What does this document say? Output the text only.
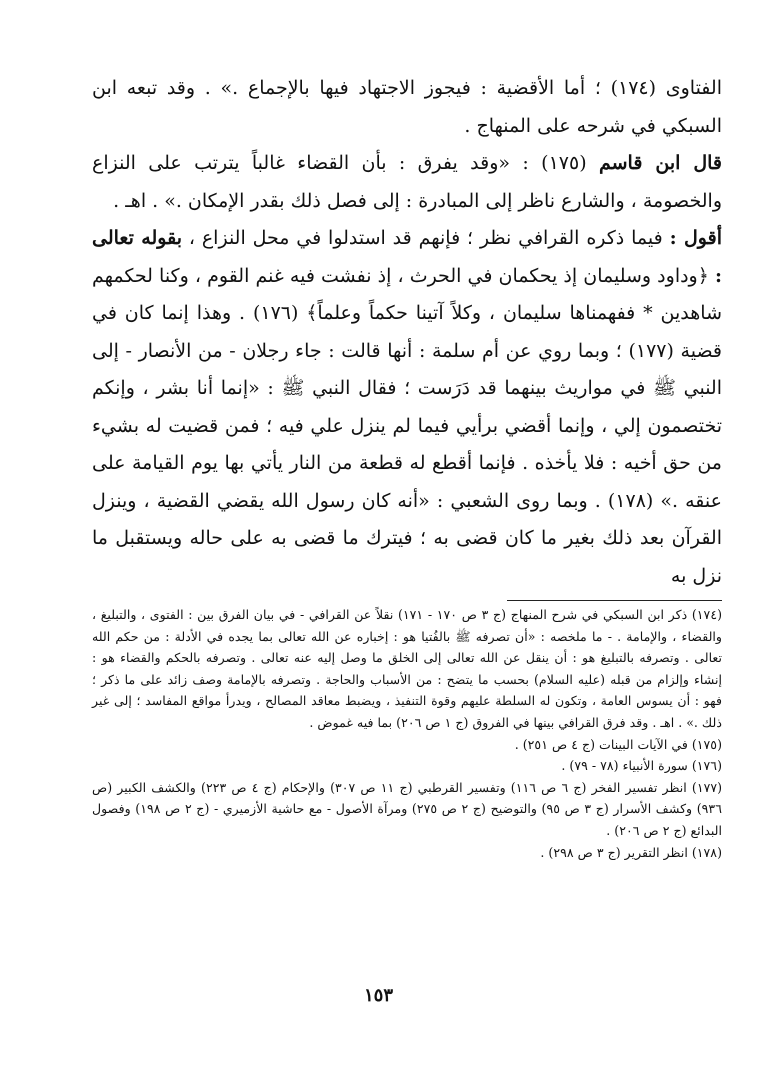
الفتاوى (١٧٤) ؛ أما الأقضية : فيجوز الاجتهاد فيها بالإجماع .» . وقد تبعه ابن السبكي في شرحه على المنهاج .

قال ابن قاسم (١٧٥) : «وقد يفرق : بأن القضاء غالباً يترتب على النزاع والخصومة ، والشارع ناظر إلى المبادرة : إلى فصل ذلك بقدر الإمكان .» . اهـ .

أقول : فيما ذكره القرافي نظر ؛ فإنهم قد استدلوا في محل النزاع ، بقوله تعالى : ﴿وداود وسليمان إذ يحكمان في الحرث ، إذ نفشت فيه غنم القوم ، وكنا لحكمهم شاهدين * ففهمناها سليمان ، وكلاً آتينا حكماً وعلماً﴾ (١٧٦) . وهذا إنما كان في قضية (١٧٧) ؛ وبما روي عن أم سلمة : أنها قالت : جاء رجلان - من الأنصار - إلى النبي ﷺ في مواريث بينهما قد دَرَست ؛ فقال النبي ﷺ : «إنما أنا بشر ، وإنكم تختصمون إلي ، وإنما أقضي برأيي فيما لم ينزل علي فيه ؛ فمن قضيت له بشيء من حق أخيه : فلا يأخذه . فإنما أقطع له قطعة من النار يأتي بها يوم القيامة على عنقه .» (١٧٨) . وبما روى الشعبي : «أنه كان رسول الله يقضي القضية ، وينزل القرآن بعد ذلك بغير ما كان قضى به ؛ فيترك ما قضى به على حاله ويستقبل ما نزل به

(١٧٤) ذكر ابن السبكي في شرح المنهاج (ج ٣ ص ١٧٠ - ١٧١) نقلاً عن القرافي - في بيان الفرق بين : الفتوى ، والتبليغ ، والقضاء ، والإمامة . - ما ملخصه : «أن تصرفه ﷺ بالفُتيا هو : إخباره عن الله تعالى بما يجده في الأدلة : من حكم الله تعالى . وتصرفه بالتبليغ هو : أن ينقل عن الله تعالى إلى الخلق ما وصل إليه عنه تعالى . وتصرفه بالحكم والقضاء هو : إنشاء وإلزام من قبله (عليه السلام) بحسب ما يتضح : من الأسباب والحاجة . وتصرفه بالإمامة وصف زائد على ما ذكر ؛ فهو : أن يسوس العامة ، وتكون له السلطة عليهم وقوة التنفيذ ، ويضبط معاقد المصالح ، ويدرأ مواقع المفاسد ؛ إلى غير ذلك .» . اهـ . وقد فرق القرافي بينها في الفروق (ج ١ ص ٢٠٦) بما فيه غموض .

(١٧٥) في الآيات البينات (ج ٤ ص ٢٥١) .

(١٧٦) سورة الأنبياء (٧٨ - ٧٩) .

(١٧٧) انظر تفسير الفخر (ج ٦ ص ١١٦) وتفسير القرطبي (ج ١١ ص ٣٠٧) والإحكام (ج ٤ ص ٢٢٣) والكشف الكبير (ص ٩٣٦) وكشف الأسرار (ج ٣ ص ٩٥) والتوضيح (ج ٢ ص ٢٧٥) ومرآة الأصول - مع حاشية الأزميري - (ج ٢ ص ١٩٨) وفصول البدائع (ج ٢ ص ٢٠٦) .

(١٧٨) انظر التقرير (ج ٣ ص ٢٩٨) .

١٥٣
